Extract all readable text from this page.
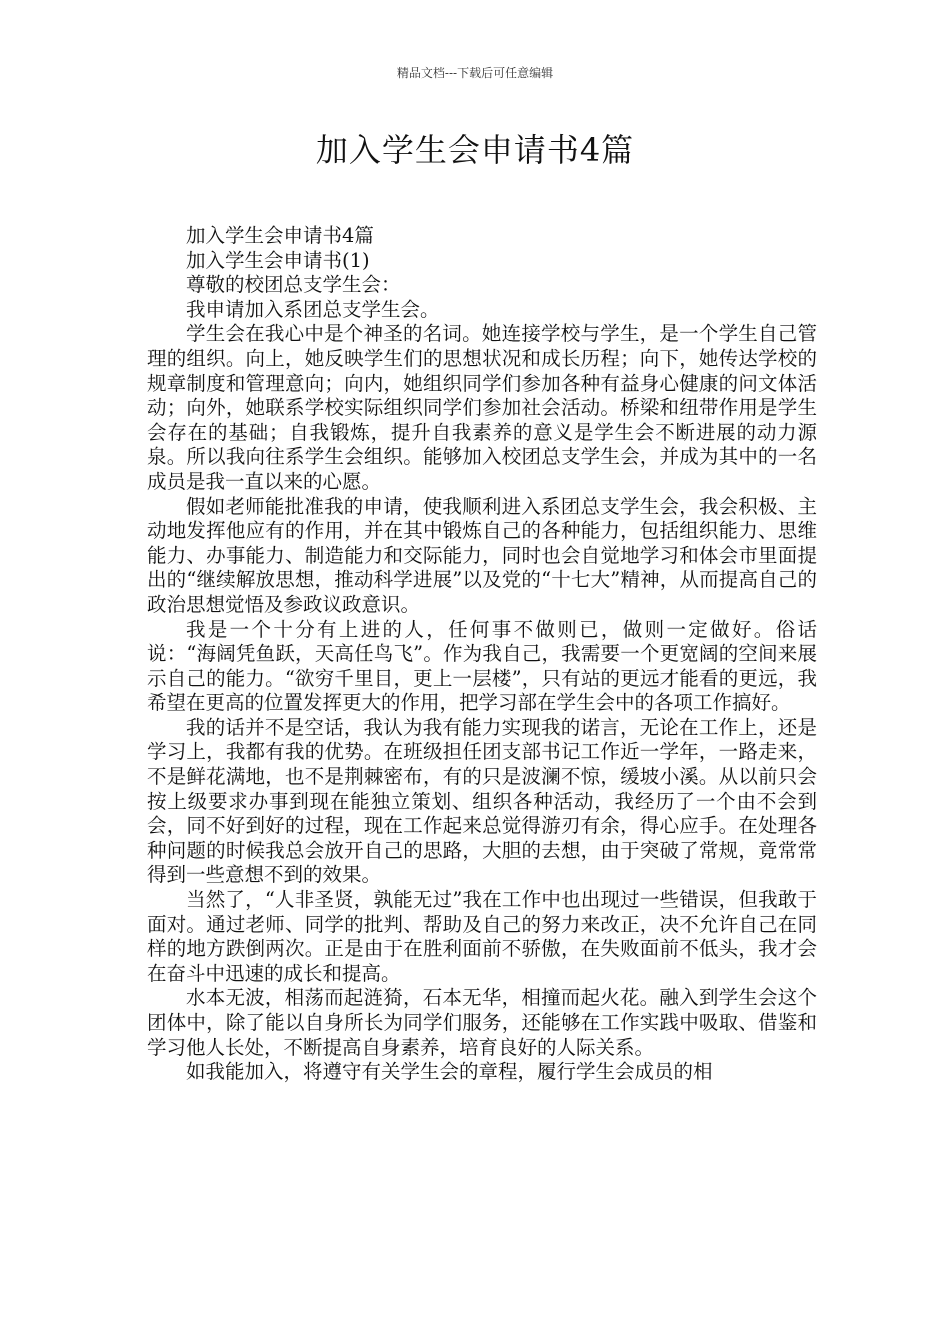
精品文档---下载后可任意编辑
加入学生会申请书4篇

加入学生会申请书4篇

加入学生会申请书(1)

尊敬的校团总支学生会：

我申请加入系团总支学生会。

学生会在我心中是个神圣的名词。她连接学校与学生，是一个学生自己管理的组织。向上，她反映学生们的思想状况和成长历程；向下，她传达学校的规章制度和管理意向；向内，她组织同学们参加各种有益身心健康的问文体活动；向外，她联系学校实际组织同学们参加社会活动。桥梁和纽带作用是学生会存在的基础；自我锻炼，提升自我素养的意义是学生会不断进展的动力源泉。所以我向往系学生会组织。能够加入校团总支学生会，并成为其中的一名成员是我一直以来的心愿。

假如老师能批准我的申请，使我顺利进入系团总支学生会，我会积极、主动地发挥他应有的作用，并在其中锻炼自己的各种能力，包括组织能力、思维能力、办事能力、制造能力和交际能力，同时也会自觉地学习和体会市里面提出的“继续解放思想，推动科学进展”以及党的“十七大”精神，从而提高自己的政治思想觉悟及参政议政意识。

我是一个十分有上进的人，任何事不做则已，做则一定做好。俗话说：“海阔凭鱼跃，天高任鸟飞”。作为我自己，我需要一个更宽阔的空间来展示自己的能力。“欲穷千里目，更上一层楼”，只有站的更远才能看的更远，我希望在更高的位置发挥更大的作用，把学习部在学生会中的各项工作搞好。

我的话并不是空话，我认为我有能力实现我的诺言，无论在工作上，还是学习上，我都有我的优势。在班级担任团支部书记工作近一学年，一路走来，不是鲜花满地，也不是荆棘密布，有的只是波澜不惊，缓坡小溪。从以前只会按上级要求办事到现在能独立策划、组织各种活动，我经历了一个由不会到会，同不好到好的过程，现在工作起来总觉得游刃有余，得心应手。在处理各种问题的时候我总会放开自己的思路，大胆的去想，由于突破了常规，竟常常得到一些意想不到的效果。

当然了，“人非圣贤，孰能无过”我在工作中也出现过一些错误，但我敢于面对。通过老师、同学的批判、帮助及自己的努力来改正，决不允许自己在同样的地方跌倒两次。正是由于在胜利面前不骄傲，在失败面前不低头，我才会在奋斗中迅速的成长和提高。

水本无波，相荡而起涟猗，石本无华，相撞而起火花。融入到学生会这个团体中，除了能以自身所长为同学们服务，还能够在工作实践中吸取、借鉴和学习他人长处，不断提高自身素养，培育良好的人际关系。

如我能加入，将遵守有关学生会的章程，履行学生会成员的相
